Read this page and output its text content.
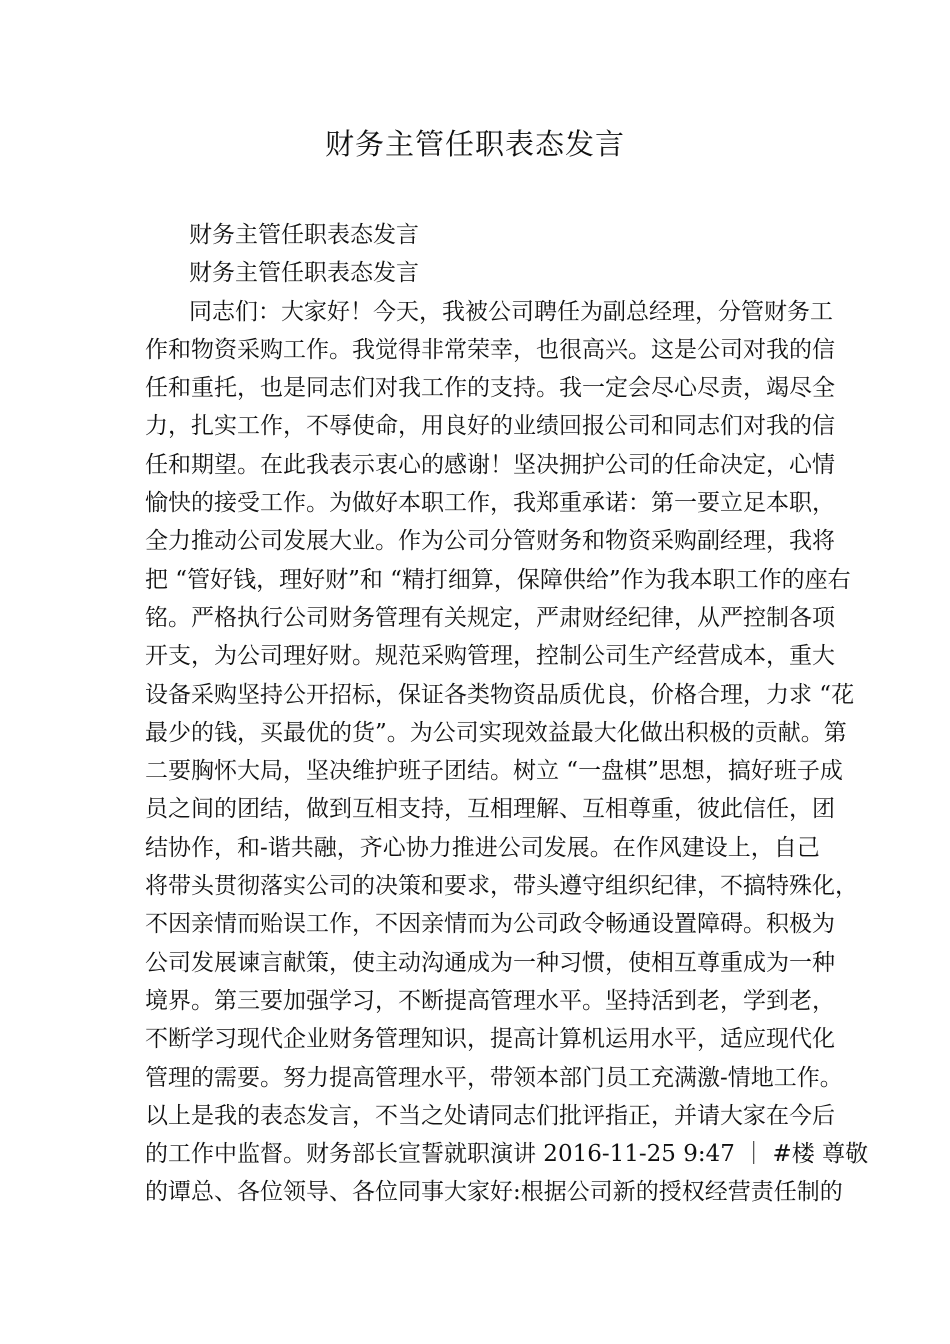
财务主管任职表态发言

财务主管任职表态发言

财务主管任职表态发言

同志们：大家好！今天，我被公司聘任为副总经理，分管财务工

作和物资采购工作。我觉得非常荣幸，也很高兴。这是公司对我的信

任和重托，也是同志们对我工作的支持。我一定会尽心尽责，竭尽全

力，扎实工作，不辱使命，用良好的业绩回报公司和同志们对我的信

任和期望。在此我表示衷心的感谢！坚决拥护公司的任命决定，心情

愉快的接受工作。为做好本职工作，我郑重承诺：第一要立足本职，

全力推动公司发展大业。作为公司分管财务和物资采购副经理，我将

把 “管好钱，理好财”和 “精打细算，保障供给”作为我本职工作的座右

铭。严格执行公司财务管理有关规定，严肃财经纪律，从严控制各项

开支，为公司理好财。规范采购管理，控制公司生产经营成本，重大

设备采购坚持公开招标，保证各类物资品质优良，价格合理，力求 “花

最少的钱，买最优的货”。为公司实现效益最大化做出积极的贡献。第

二要胸怀大局，坚决维护班子团结。树立 “一盘棋”思想，搞好班子成

员之间的团结，做到互相支持，互相理解、互相尊重，彼此信任，团

结协作，和-谐共融，齐心协力推进公司发展。在作风建设上，自己

将带头贯彻落实公司的决策和要求，带头遵守组织纪律，不搞特殊化，

不因亲情而贻误工作，不因亲情而为公司政令畅通设置障碍。积极为

公司发展谏言献策，使主动沟通成为一种习惯，使相互尊重成为一种

境界。第三要加强学习，不断提高管理水平。坚持活到老，学到老，

不断学习现代企业财务管理知识，提高计算机运用水平，适应现代化

管理的需要。努力提高管理水平，带领本部门员工充满激-情地工作。

以上是我的表态发言，不当之处请同志们批评指正，并请大家在今后

的工作中监督。财务部长宣誓就职演讲 2016-11-25 9:47 ｜ #楼 尊敬

的谭总、各位领导、各位同事大家好:根据公司新的授权经营责任制的
